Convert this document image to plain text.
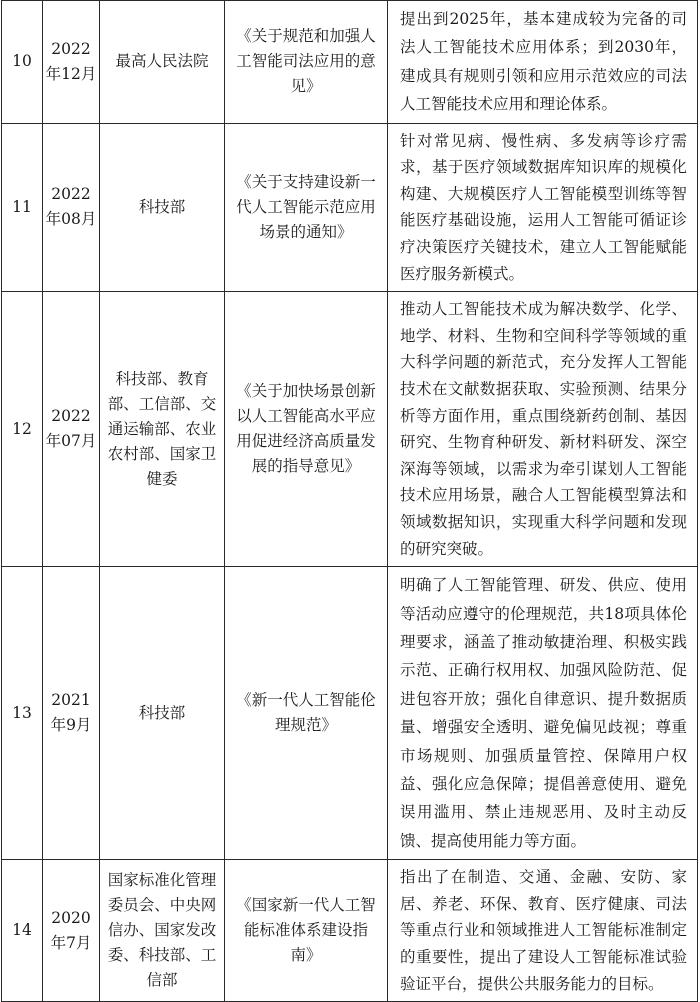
10	2022年12月	最高人民法院	《关于规范和加强人工智能司法应用的意见》	提出到2025年，基本建成较为完备的司法人工智能技术应用体系；到2030年，建成具有规则引领和应用示范效应的司法人工智能技术应用和理论体系。
11	2022年08月	科技部	《关于支持建设新一代人工智能示范应用场景的通知》	针对常见病、慢性病、多发病等诊疗需求，基于医疗领域数据库知识库的规模化构建、大规模医疗人工智能模型训练等智能医疗基础设施，运用人工智能可循证诊疗决策医疗关键技术，建立人工智能赋能医疗服务新模式。
12	2022年07月	科技部、教育部、工信部、交通运输部、农业农村部、国家卫健委	《关于加快场景创新以人工智能高水平应用促进经济高质量发展的指导意见》	推动人工智能技术成为解决数学、化学、地学、材料、生物和空间科学等领域的重大科学问题的新范式，充分发挥人工智能技术在文献数据获取、实验预测、结果分析等方面作用，重点围绕新药创制、基因研究、生物育种研发、新材料研发、深空深海等领域，以需求为牵引谋划人工智能技术应用场景，融合人工智能模型算法和领域数据知识，实现重大科学问题和发现的研究突破。
13	2021年9月	科技部	《新一代人工智能伦理规范》	明确了人工智能管理、研发、供应、使用等活动应遵守的伦理规范，共18项具体伦理要求，涵盖了推动敏捷治理、积极实践示范、正确行权用权、加强风险防范、促进包容开放；强化自律意识、提升数据质量、增强安全透明、避免偏见歧视；尊重市场规则、加强质量管控、保障用户权益、强化应急保障；提倡善意使用、避免误用滥用、禁止违规恶用、及时主动反馈、提高使用能力等方面。
14	2020年7月	国家标准化管理委员会、中央网信办、国家发改委、科技部、工信部	《国家新一代人工智能标准体系建设指南》	指出了在制造、交通、金融、安防、家居、养老、环保、教育、医疗健康、司法等重点行业和领域推进人工智能标准制定的重要性，提出了建设人工智能标准试验验证平台，提供公共服务能力的目标。
